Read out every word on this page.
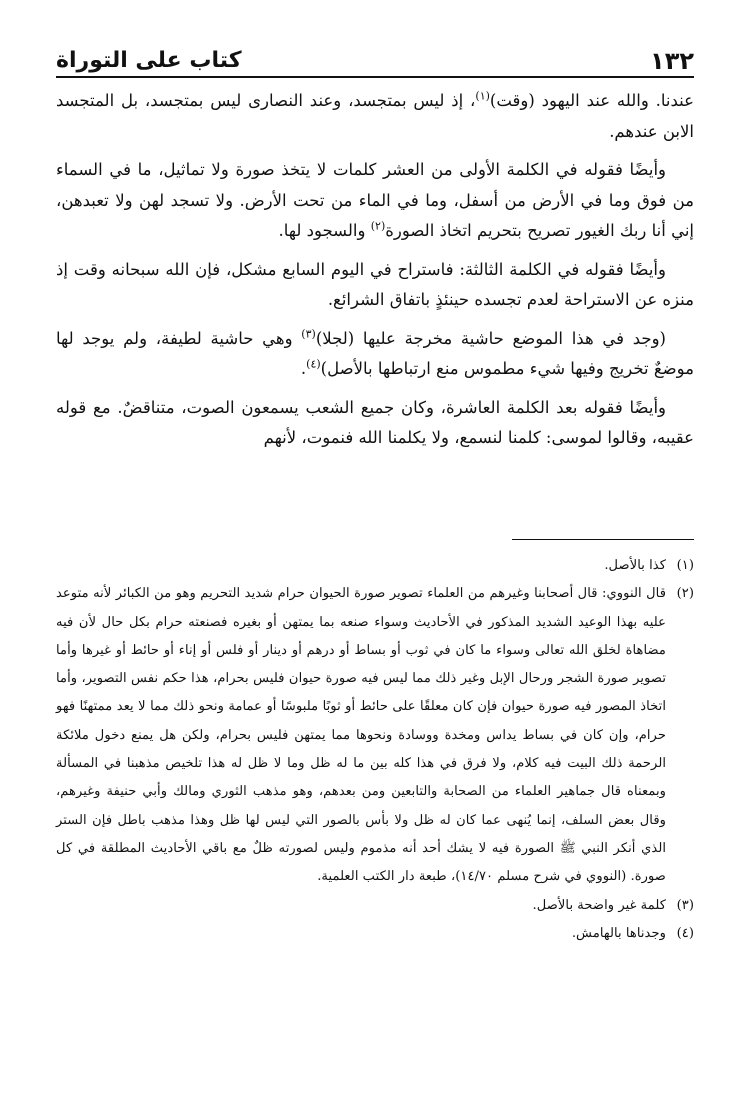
١٣٢
كتاب على التوراة

عندنا. والله عند اليهود (وقت)$^{(١)}$، إذ ليس بمتجسد، وعند النصارى ليس بمتجسد، بل المتجسد الابن عندهم.

وأيضًا فقوله في الكلمة الأولى من العشر كلمات لا يتخذ صورة ولا تماثيل، ما في السماء من فوق وما في الأرض من أسفل، وما في الماء من تحت الأرض. ولا تسجد لهن ولا تعبدهن، إني أنا ربك الغيور تصريح بتحريم اتخاذ الصورة$^{(٢)}$ والسجود لها.

وأيضًا فقوله في الكلمة الثالثة: فاستراح في اليوم السابع مشكل، فإن الله سبحانه وقت إذ منزه عن الاستراحة لعدم تجسده حينئذٍ باتفاق الشرائع.

(وجد في هذا الموضع حاشية مخرجة عليها (لجلا)$^{(٣)}$ وهي حاشية لطيفة، ولم يوجد لها موضعٌ تخريج وفيها شيء مطموس منع ارتباطها بالأصل)$^{(٤)}$.

وأيضًا فقوله بعد الكلمة العاشرة، وكان جميع الشعب يسمعون الصوت، متناقضٌ. مع قوله عقيبه، وقالوا لموسى: كلمنا لنسمع، ولا يكلمنا الله فنموت، لأنهم

(١)
كذا بالأصل.
(٢)
قال النووي: قال أصحابنا وغيرهم من العلماء تصوير صورة الحيوان حرام شديد التحريم وهو من الكبائر لأنه متوعد عليه بهذا الوعيد الشديد المذكور في الأحاديث وسواء صنعه بما يمتهن أو بغيره فصنعته حرام بكل حال لأن فيه مضاهاة لخلق الله تعالى وسواء ما كان في ثوب أو بساط أو درهم أو دينار أو فلس أو إناء أو حائط أو غيرها وأما تصوير صورة الشجر ورحال الإبل وغير ذلك مما ليس فيه صورة حيوان فليس بحرام، هذا حكم نفس التصوير، وأما اتخاذ المصور فيه صورة حيوان فإن كان معلقًا على حائط أو ثوبًا ملبوسًا أو عمامة ونحو ذلك مما لا يعد ممتهنًا فهو حرام، وإن كان في بساط يداس ومخدة ووسادة ونحوها مما يمتهن فليس بحرام، ولكن هل يمنع دخول ملائكة الرحمة ذلك البيت فيه كلام، ولا فرق في هذا كله بين ما له ظل وما لا ظل له هذا تلخيص مذهبنا في المسألة وبمعناه قال جماهير العلماء من الصحابة والتابعين ومن بعدهم، وهو مذهب الثوري ومالك وأبي حنيفة وغيرهم، وقال بعض السلف، إنما يُنهى عما كان له ظل ولا بأس بالصور التي ليس لها ظل وهذا مذهب باطل فإن الستر الذي أنكر النبي ﷺ الصورة فيه لا يشك أحد أنه مذموم وليس لصورته ظلٌ مع باقي الأحاديث المطلقة في كل صورة. (النووي في شرح مسلم ١٤/٧٠)، طبعة دار الكتب العلمية.
(٣)
كلمة غير واضحة بالأصل.
(٤)
وجدناها بالهامش.
